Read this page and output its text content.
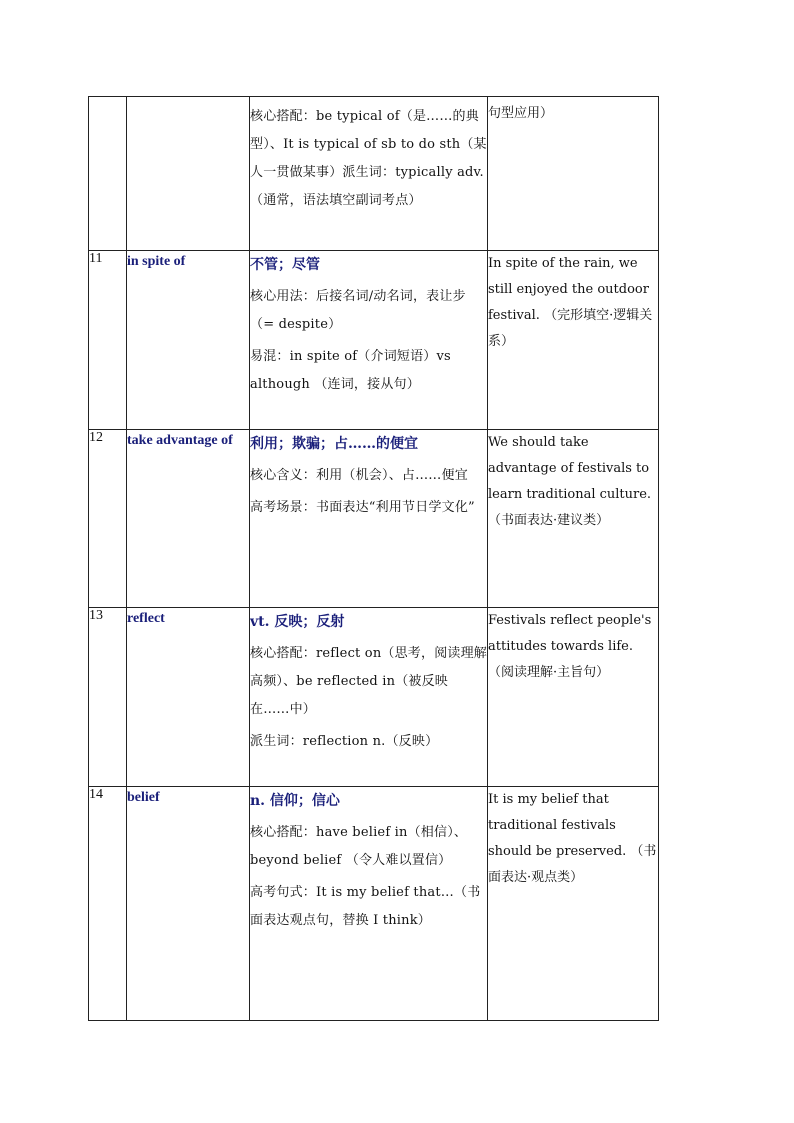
		核心搭配：be typical of（是……的典型）、It is typical of sb to do sth（某人一贯做某事）派生词：typically adv.（通常，语法填空副词考点）	句型应用）
11	in spite of	不管；尽管

核心用法：后接名词/动名词，表让步（= despite）

易混：in spite of（介词短语）vs although （连词，接从句）	In spite of the rain, we still enjoyed the outdoor festival. （完形填空·逻辑关系）
12	take advantage of	利用；欺骗；占……的便宜

核心含义：利用（机会）、占……便宜

高考场景：书面表达“利用节日学文化”	We should take advantage of festivals to learn traditional culture. （书面表达·建议类）
13	reflect	vt. 反映；反射

核心搭配：reflect on（思考，阅读理解高频）、be reflected in（被反映在……中）

派生词：reflection n.（反映）	Festivals reflect people's attitudes towards life. （阅读理解·主旨句）
14	belief	n. 信仰；信心

核心搭配：have belief in（相信）、beyond belief （令人难以置信）

高考句式：It is my belief that…（书面表达观点句，替换 I think）	It is my belief that traditional festivals should be preserved. （书面表达·观点类）
